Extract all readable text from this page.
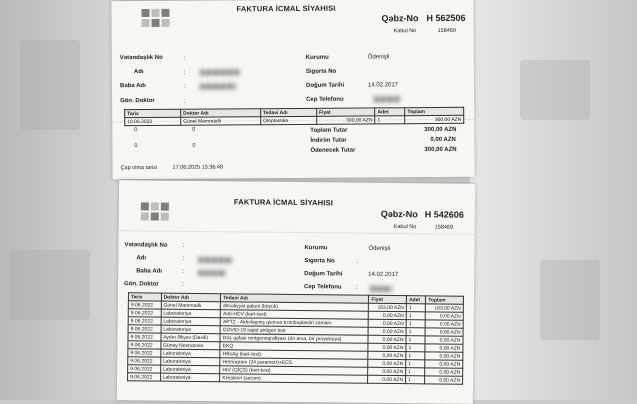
FAKTURA İCMAL SİYAHISI
Qəbz-No H 562506
Kabul No	158469
Vətəndaşlık No	:
Adı	:
Baba Adı	:
Gön. Doktor	:
Kurumu	Ödenişli
Sigorta No
Doğum Tarihi	14.02.2017
Cep Telefonu
Tarix	Doktor Adı	Tedavi Adı	Fiyat	Adet	Toplam
10.06.2022	Günel Mammadli	Otoplastika	300,00 AZN	1	300,00 AZN
0	0
0	0
Toplam Tutar	300,00 AZN
İndirim Tutar	0,00 AZN
Ödenecek Tutar	300,00 AZN
Çap olma tarixi	17.06.2025 13:36:48
FAKTURA İCMAL SİYAHISI
Qəbz-No H 542606
Kabul No	158469
Vətəndaşlık No :
Adı	:
Baba Adı	:
Gön. Doktor	:
Kurumu	Ödenişli
Sigorta No	:
Doğum Tarihi	14.02.2017
Cep Telefonu :
Tarix	Doktor Adı	Tedavi Adı	Fiyat	Adet	Toplam
9.06.2022	Günel Mammadli	Əməliyyat paketi (böyük)	163,00 AZN	1	163,00 AZN
9.06.2022	Laboratoriya	Anti-HCV (kart-test)	0,00 AZN	1	0,00 AZN
9.06.2022	Laboratoriya	APTZ - Aktivləşmiş qismən tromboplastin zamanı	0,00 AZN	1	0,00 AZN
9.06.2022	Laboratoriya	COVID-19 rapid antigen test	0,00 AZN	1	0,00 AZN
9.06.2022	Aydın Əliyev (Daxili)	Döş qəfəsi rentgenoqrafiyası (ön arxa, bir proyeksiya)	0,00 AZN	1	0,00 AZN
9.06.2022	Günay Novruzova	EKQ	0,00 AZN	1	0,00 AZN
9.06.2022	Laboratoriya	HBsAg (kart-test)	0,00 AZN	1	0,00 AZN
9.06.2022	Laboratoriya	Hemoqram (24 parametr)+ECS	0,00 AZN	1	0,00 AZN
9.06.2022	Laboratoriya	HIV (QİÇS) (kart-test)	0,00 AZN	1	0,00 AZN
9.06.2022	Laboratoriya	Kreatinin (serum)	0,00 AZN	1	0,00 AZN
